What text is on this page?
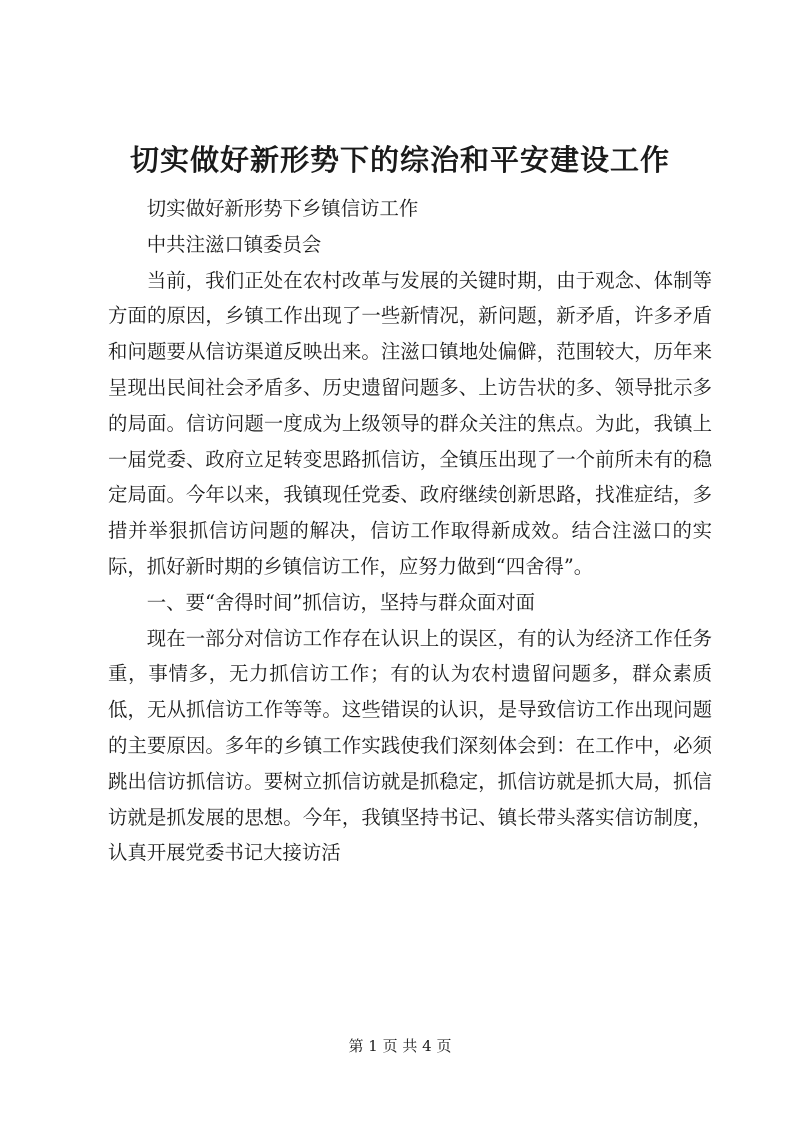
切实做好新形势下的综治和平安建设工作

切实做好新形势下乡镇信访工作

中共注滋口镇委员会

当前，我们正处在农村改革与发展的关键时期，由于观念、体制等方面的原因，乡镇工作出现了一些新情况，新问题，新矛盾，许多矛盾和问题要从信访渠道反映出来。注滋口镇地处偏僻，范围较大，历年来呈现出民间社会矛盾多、历史遗留问题多、上访告状的多、领导批示多的局面。信访问题一度成为上级领导的群众关注的焦点。为此，我镇上一届党委、政府立足转变思路抓信访，全镇压出现了一个前所未有的稳定局面。今年以来，我镇现任党委、政府继续创新思路，找准症结，多措并举狠抓信访问题的解决，信访工作取得新成效。结合注滋口的实际，抓好新时期的乡镇信访工作，应努力做到“四舍得”。

一、要“舍得时间”抓信访，坚持与群众面对面

现在一部分对信访工作存在认识上的误区，有的认为经济工作任务重，事情多，无力抓信访工作；有的认为农村遗留问题多，群众素质低，无从抓信访工作等等。这些错误的认识，是导致信访工作出现问题的主要原因。多年的乡镇工作实践使我们深刻体会到：在工作中，必须跳出信访抓信访。要树立抓信访就是抓稳定，抓信访就是抓大局，抓信访就是抓发展的思想。今年，我镇坚持书记、镇长带头落实信访制度，认真开展党委书记大接访活

第 1 页 共 4 页
